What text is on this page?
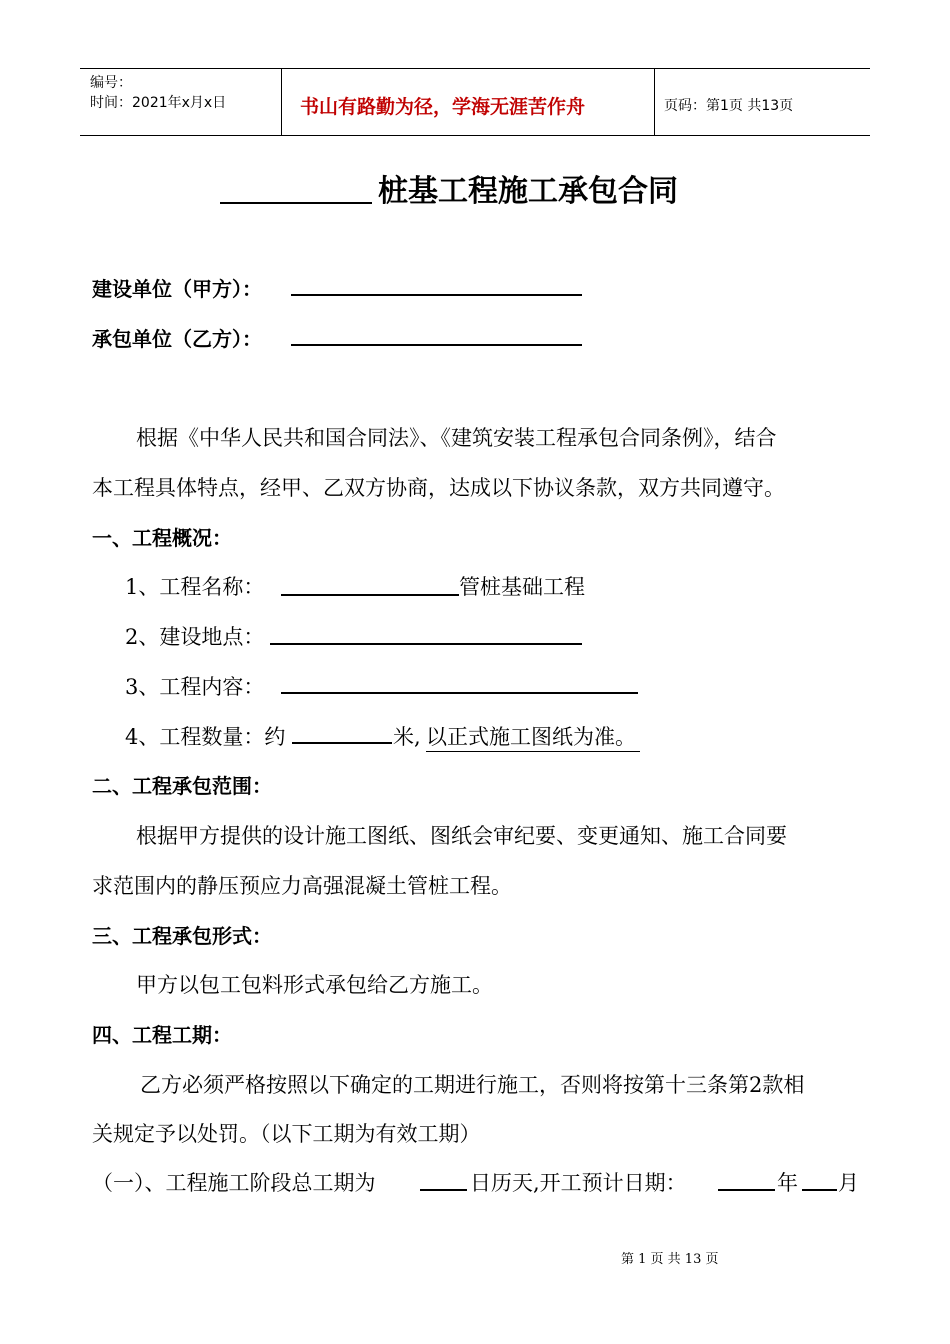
编号：
时间：2021年x月x日	书山有路勤为径，学海无涯苦作舟	页码：第1页 共13页
桩基工程施工承包合同
建设单位（甲方）：
承包单位（乙方）：
根据《中华人民共和国合同法》、《建筑安装工程承包合同条例》，结合
本工程具体特点，经甲、乙双方协商，达成以下协议条款，双方共同遵守。
一、工程概况：
1、工程名称：	管桩基础工程
2、建设地点：
3、工程内容：
4、工程数量：约	米, 以正式施工图纸为准。
二、工程承包范围：
根据甲方提供的设计施工图纸、图纸会审纪要、变更通知、施工合同要
求范围内的静压预应力高强混凝土管桩工程。
三、工程承包形式：
甲方以包工包料形式承包给乙方施工。
四、工程工期：
乙方必须严格按照以下确定的工期进行施工，否则将按第十三条第2款相
关规定予以处罚。（以下工期为有效工期）
（一）、工程施工阶段总工期为	日历天,开工预计日期：	年 月
第 1 页 共 13 页
